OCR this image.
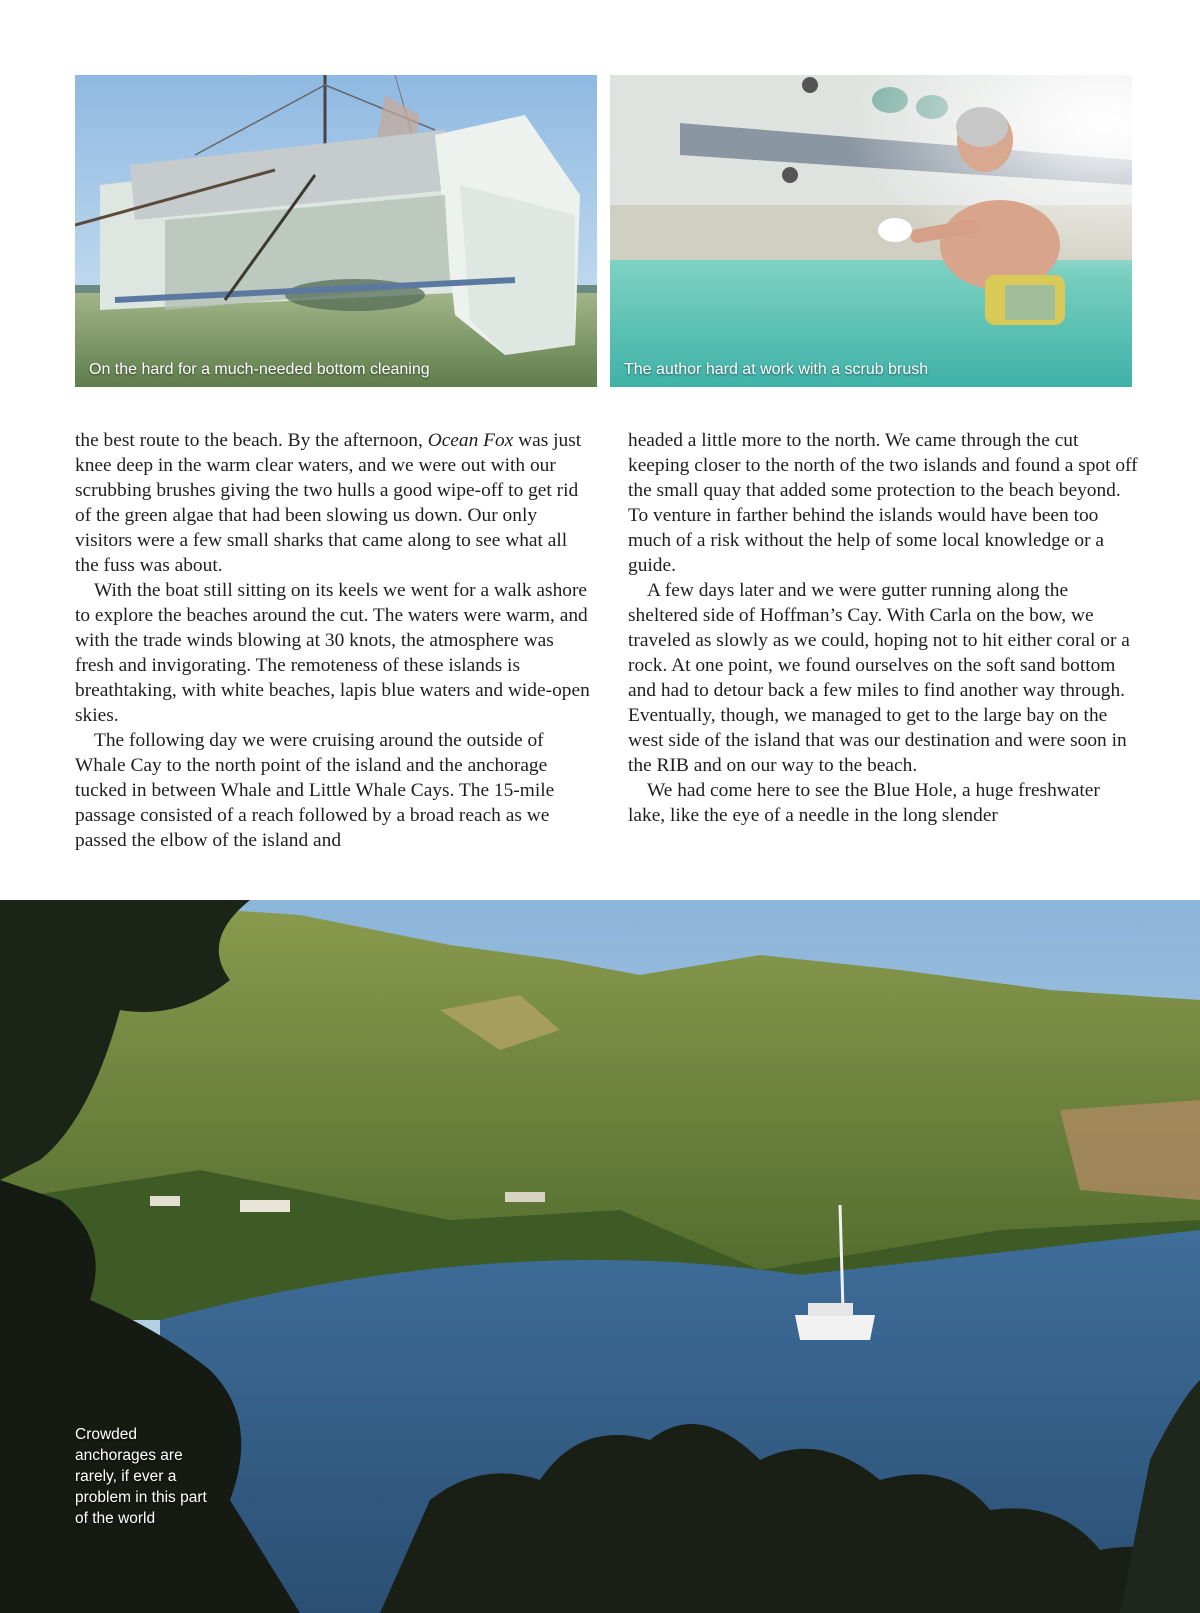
On the hard for a much-needed bottom cleaning	The author hard at work with a scrub brush

the best route to the beach. By the afternoon, Ocean Fox was just knee deep in the warm clear waters, and we were out with our scrubbing brushes giving the two hulls a good wipe-off to get rid of the green algae that had been slowing us down. Our only visitors were a few small sharks that came along to see what all the fuss was about.

With the boat still sitting on its keels we went for a walk ashore to explore the beaches around the cut. The waters were warm, and with the trade winds blowing at 30 knots, the atmosphere was fresh and invigorating. The remoteness of these islands is breathtaking, with white beaches, lapis blue waters and wide-open skies.

The following day we were cruising around the outside of Whale Cay to the north point of the island and the anchorage tucked in between Whale and Little Whale Cays. The 15-mile passage consisted of a reach followed by a broad reach as we passed the elbow of the island and

headed a little more to the north. We came through the cut keeping closer to the north of the two islands and found a spot off the small quay that added some protection to the beach beyond. To venture in farther behind the islands would have been too much of a risk without the help of some local knowledge or a guide.

A few days later and we were gutter running along the sheltered side of Hoffman’s Cay. With Carla on the bow, we traveled as slowly as we could, hoping not to hit either coral or a rock. At one point, we found ourselves on the soft sand bottom and had to detour back a few miles to find another way through. Eventually, though, we managed to get to the large bay on the west side of the island that was our destination and were soon in the RIB and on our way to the beach.

We had come here to see the Blue Hole, a huge freshwater lake, like the eye of a needle in the long slender

Crowded anchorages are rarely, if ever a problem in this part of the world
